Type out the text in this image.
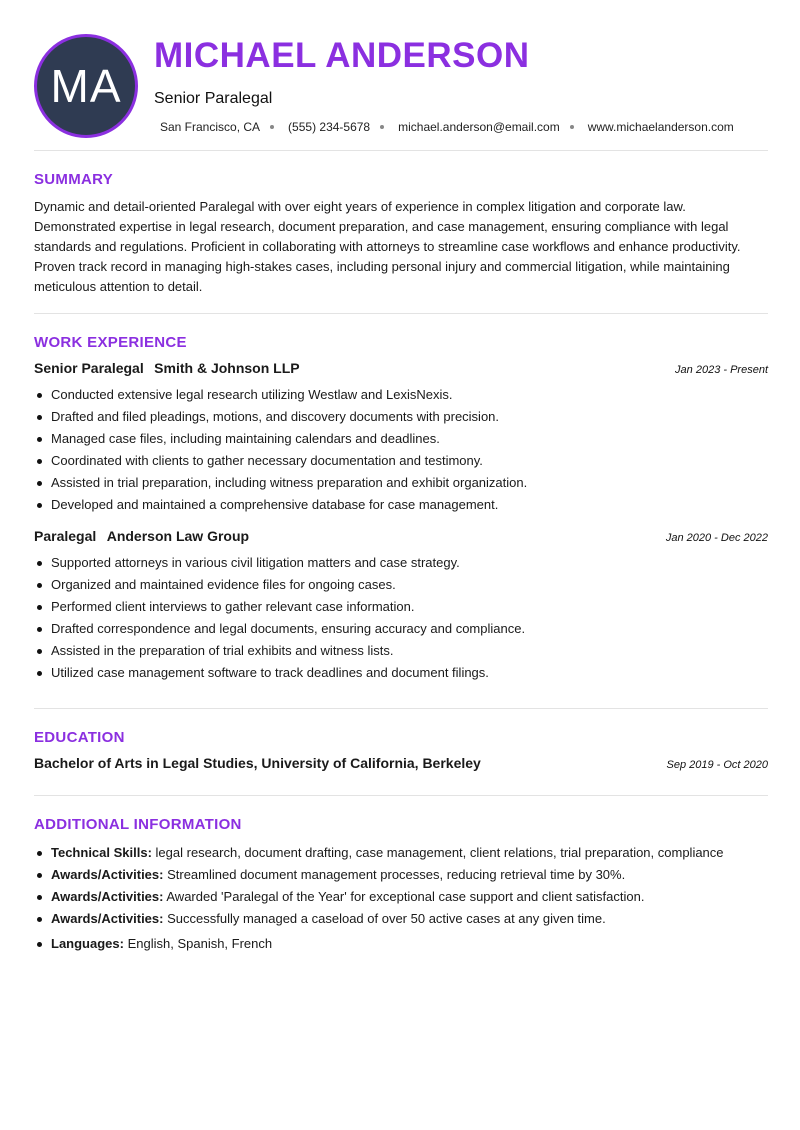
MA
MICHAEL ANDERSON
Senior Paralegal
San Francisco, CA (555) 234-5678 michael.anderson@email.com www.michaelanderson.com
SUMMARY
Dynamic and detail-oriented Paralegal with over eight years of experience in complex litigation and corporate law. Demonstrated expertise in legal research, document preparation, and case management, ensuring compliance with legal standards and regulations. Proficient in collaborating with attorneys to streamline case workflows and enhance productivity. Proven track record in managing high-stakes cases, including personal injury and commercial litigation, while maintaining meticulous attention to detail.
WORK EXPERIENCE
Senior Paralegal Smith & Johnson LLP	Jan 2023 - Present
Conducted extensive legal research utilizing Westlaw and LexisNexis.
Drafted and filed pleadings, motions, and discovery documents with precision.
Managed case files, including maintaining calendars and deadlines.
Coordinated with clients to gather necessary documentation and testimony.
Assisted in trial preparation, including witness preparation and exhibit organization.
Developed and maintained a comprehensive database for case management.
Paralegal Anderson Law Group	Jan 2020 - Dec 2022
Supported attorneys in various civil litigation matters and case strategy.
Organized and maintained evidence files for ongoing cases.
Performed client interviews to gather relevant case information.
Drafted correspondence and legal documents, ensuring accuracy and compliance.
Assisted in the preparation of trial exhibits and witness lists.
Utilized case management software to track deadlines and document filings.
EDUCATION
Bachelor of Arts in Legal Studies, University of California, Berkeley	Sep 2019 - Oct 2020
ADDITIONAL INFORMATION
Technical Skills: legal research, document drafting, case management, client relations, trial preparation, compliance
Awards/Activities: Streamlined document management processes, reducing retrieval time by 30%.
Awards/Activities: Awarded 'Paralegal of the Year' for exceptional case support and client satisfaction.
Awards/Activities: Successfully managed a caseload of over 50 active cases at any given time.
Languages: English, Spanish, French
